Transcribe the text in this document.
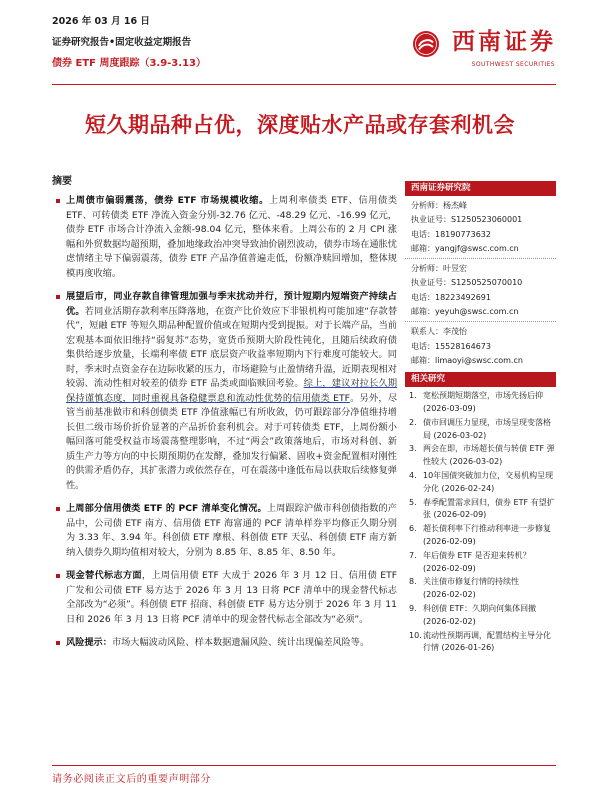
2026 年 03 月 16 日
证券研究报告•固定收益定期报告
债券 ETF 周度跟踪（3.9-3.13）
西南证券
SOUTHWEST SECURITIES
短久期品种占优，深度贴水产品或存套利机会
摘要
上周债市偏弱震荡，债券 ETF 市场规模收缩。上周利率债类 ETF、信用债类 ETF、可转债类 ETF 净流入资金分别-32.76 亿元、-48.29 亿元、-16.99 亿元，债券 ETF 市场合计净流入金额-98.04 亿元，整体来看。上周公布的 2 月 CPI 涨幅和外贸数据均超预期，叠加地缘政治冲突导致油价剧烈波动，债券市场在通胀忧虑情绪主导下偏弱震荡，债券 ETF 产品净值普遍走低，份额净赎回增加，整体规模再度收缩。
展望后市，同业存款自律管理加强与季末扰动并行，预计短期内短端资产持续占优。若同业活期存款利率压降落地，在资产比价效应下非银机构可能加速“存款替代”，短融 ETF 等短久期品种配置价值或在短期内受到提振。对于长端产品，当前宏观基本面依旧维持“弱复苏”态势，宽货币预期大阶段性钝化，且随后续政府债集供给逐步放量，长端利率债 ETF 底层资产收益率短期内下行难度可能较大。同时，季末时点资金存在边际收紧的压力，市场避险与止盈情绪升温，近期表现相对较弱、流动性相对较差的债券 ETF 品类或面临赎回考验。综上，建议对拉长久期保持谨慎态度，同时重视具备稳健票息和流动性优势的信用债类 ETF。另外，尽管当前基准做市和科创债类 ETF 净值涨幅已有所收敛，仍可跟踪部分净值维持增长但二级市场价折价显著的产品折价套利机会。对于可转债类 ETF，上周份额小幅回落可能受权益市场震荡整理影响，不过“两会”政策落地后，市场对科创、新质生产力等方向的中长期预期仍在发酵，叠加发行偏紧、固收+资金配置相对刚性的供需矛盾仍存，其扩张潜力或依然存在，可在震荡中逢低布局以获取后续修复弹性。
上周部分信用债类 ETF 的 PCF 清单变化情况。上周跟踪沪做市科创债指数的产品中，公司债 ETF 南方、信用债 ETF 海富通的 PCF 清单样券平均修正久期分别为 3.33 年、3.94 年。科创债 ETF 摩根、科创债 ETF 天弘、科创债 ETF 南方新纳入债券久期均值相对较大，分别为 8.85 年、8.85 年、8.50 年。
现金替代标志方面，上周信用债 ETF 大成于 2026 年 3 月 12 日、信用债 ETF 广发和公司债 ETF 易方达于 2026 年 3 月 13 日将 PCF 清单中的现金替代标志全部改为“必须”。科创债 ETF 招商、科创债 ETF 易方达分别于 2026 年 3 月 11 日和 2026 年 3 月 13 日将 PCF 清单中的现金替代标志全部改为“必须”。
风险提示：市场大幅波动风险、样本数据遗漏风险、统计出现偏差风险等。
西南证券研究院
分析师：杨杰峰
执业证号：S1250523060001
电话：18190773632
邮箱：yangjf@swsc.com.cn
分析师：叶昱宏
执业证号：S1250525070010
电话：18223492691
邮箱：yeyuh@swsc.com.cn
联系人：李茂怡
电话：15528164673
邮箱：limaoyi@swsc.com.cn
相关研究
1. 宽松预期短期落空，市场先扬后抑 (2026-03-09)
2. 债市回调压力显现，市场呈现变落格局 (2026-03-02)
3. 两会在即，市场超长债与转债 ETF 弹性较大 (2026-03-02)
4. 10年国债突破加力位，交易机构呈现分化 (2026-02-24)
5. 春季配置需求回归，债券 ETF 有望扩张 (2026-02-09)
6. 超长债利率下行推动利率进一步修复 (2026-02-09)
7. 年后债券 ETF 是否迎来转机？ (2026-02-09)
8. 关注债市修复行情的持续性 (2026-02-02)
9. 科创债 ETF：久期向何集体回撤 (2026-02-02)
10. 流动性预期再调，配置结构主导分化行情 (2026-01-26)
请务必阅读正文后的重要声明部分
